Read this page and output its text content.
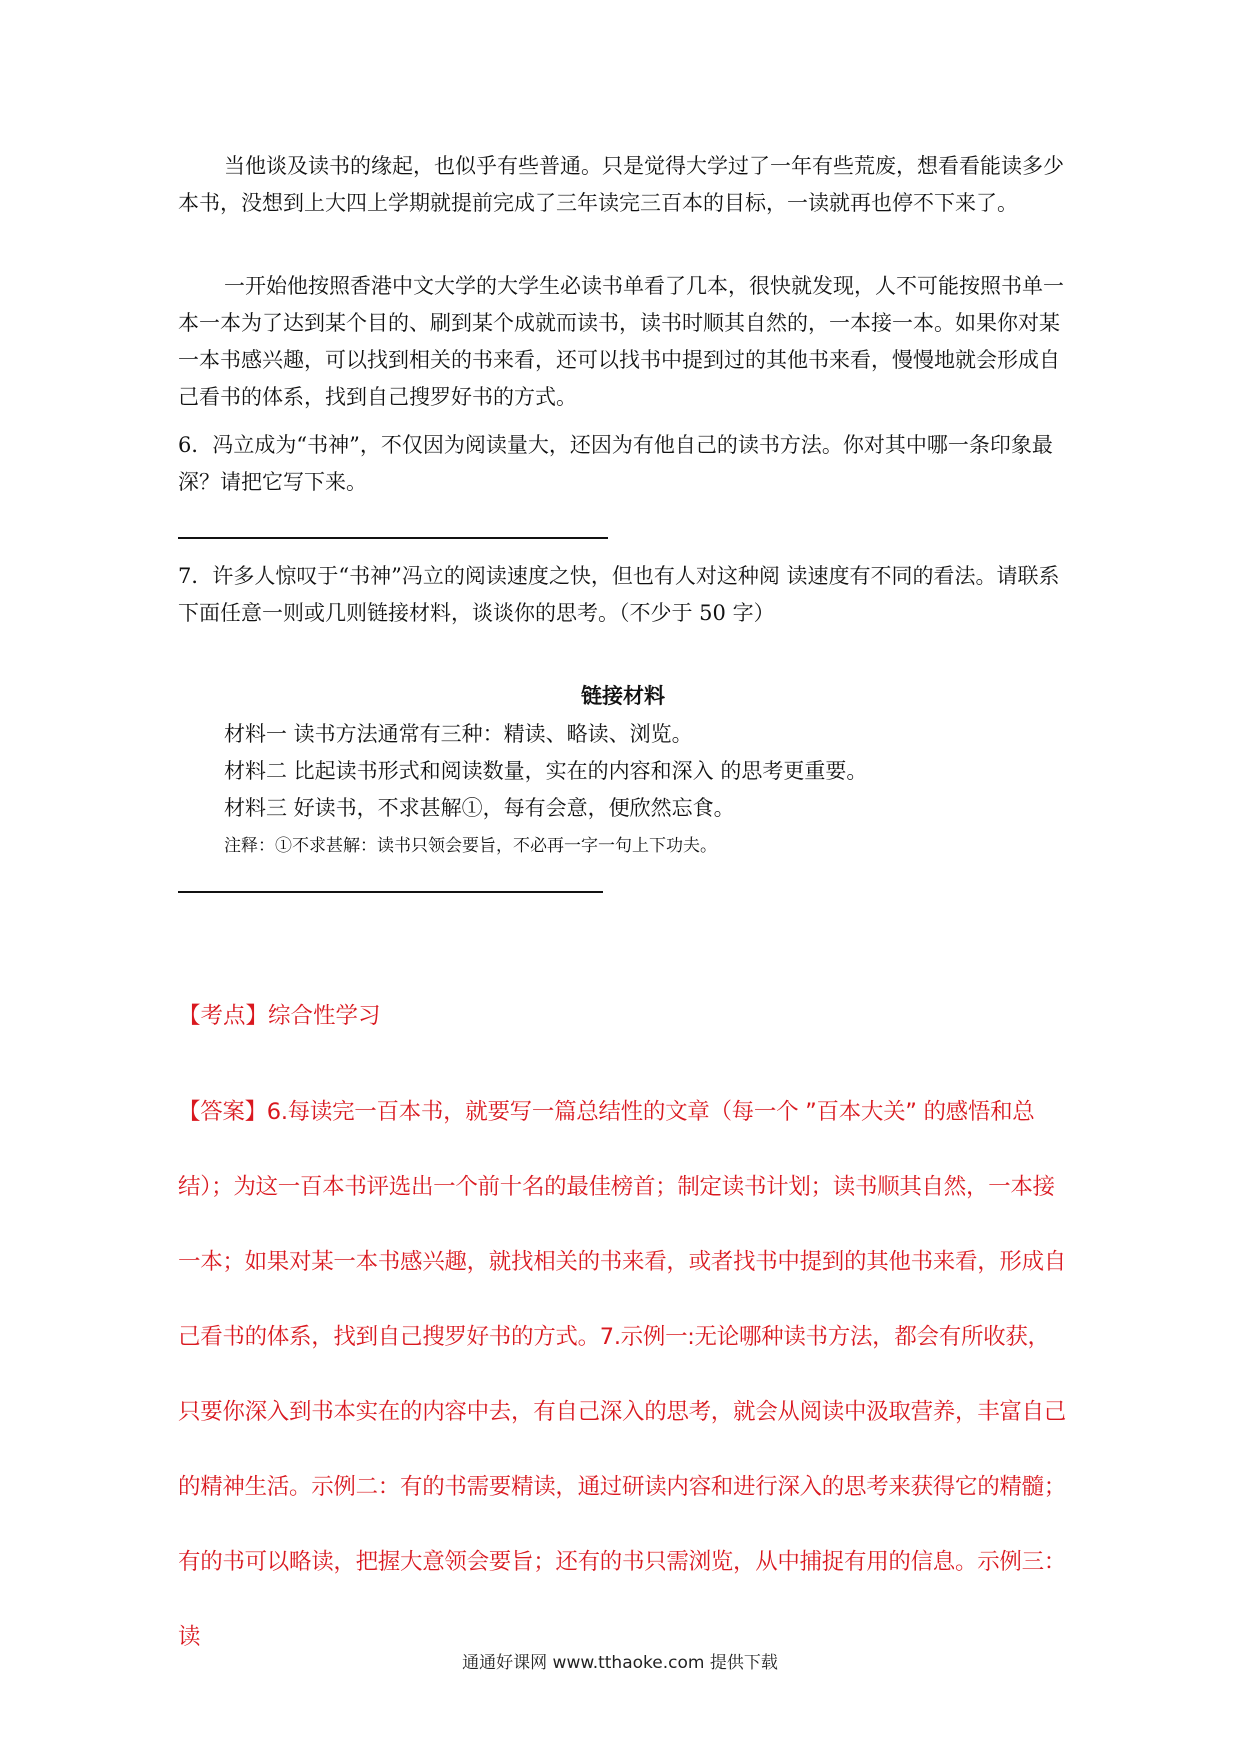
当他谈及读书的缘起，也似乎有些普通。只是觉得大学过了一年有些荒废，想看看能读多少本书，没想到上大四上学期就提前完成了三年读完三百本的目标，一读就再也停不下来了。

一开始他按照香港中文大学的大学生必读书单看了几本，很快就发现，人不可能按照书单一本一本为了达到某个目的、刷到某个成就而读书，读书时顺其自然的，一本接一本。如果你对某一本书感兴趣，可以找到相关的书来看，还可以找书中提到过的其他书来看，慢慢地就会形成自己看书的体系，找到自己搜罗好书的方式。

6．冯立成为“书神”，不仅因为阅读量大，还因为有他自己的读书方法。你对其中哪一条印象最深？请把它写下来。

7．许多人惊叹于“书神”冯立的阅读速度之快，但也有人对这种阅 读速度有不同的看法。请联系下面任意一则或几则链接材料，谈谈你的思考。（不少于 50 字）

链接材料
材料一 读书方法通常有三种：精读、略读、浏览。
材料二 比起读书形式和阅读数量，实在的内容和深入 的思考更重要。
材料三 好读书，不求甚解①，每有会意，便欣然忘食。
注释：①不求甚解：读书只领会要旨，不必再一字一句上下功夫。
【考点】综合性学习

【答案】6.每读完一百本书，就要写一篇总结性的文章（每一个 ”百本大关” 的感悟和总结）；为这一百本书评选出一个前十名的最佳榜首；制定读书计划；读书顺其自然，一本接一本；如果对某一本书感兴趣，就找相关的书来看，或者找书中提到的其他书来看，形成自己看书的体系，找到自己搜罗好书的方式。7.示例一:无论哪种读书方法，都会有所收获，只要你深入到书本实在的内容中去，有自己深入的思考，就会从阅读中汲取营养，丰富自己的精神生活。示例二：有的书需要精读，通过研读内容和进行深入的思考来获得它的精髓；有的书可以略读，把握大意领会要旨；还有的书只需浏览，从中捕捉有用的信息。示例三：读

通通好课网 www.tthaoke.com 提供下载
